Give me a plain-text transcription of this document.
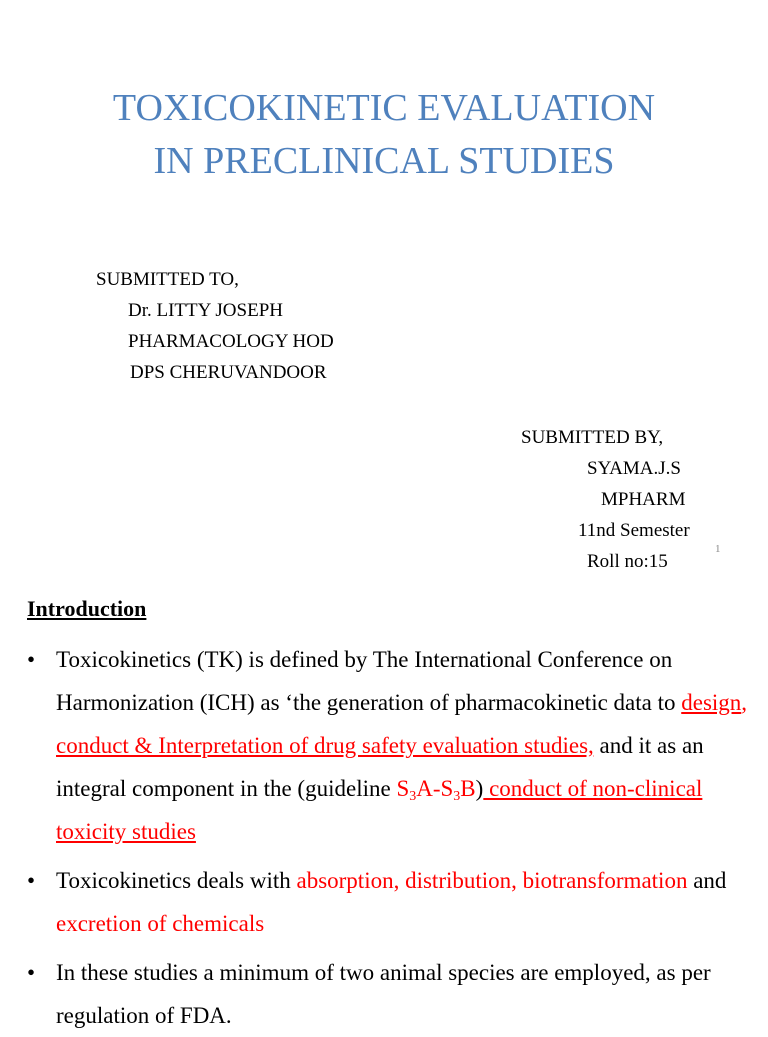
TOXICOKINETIC EVALUATION
IN PRECLINICAL STUDIES
SUBMITTED TO,
Dr. LITTY JOSEPH
PHARMACOLOGY HOD
DPS CHERUVANDOOR
SUBMITTED BY,
SYAMA.J.S
MPHARM
11nd Semester
Roll no:15
1
Introduction
• Toxicokinetics (TK) is defined by The International Conference on Harmonization (ICH) as ‘the generation of pharmacokinetic data to design, conduct & Interpretation of drug safety evaluation studies, and it as an integral component in the (guideline $S_3A-S_3B$) conduct of non-clinical toxicity studies
• Toxicokinetics deals with absorption, distribution, biotransformation and excretion of chemicals
• In these studies a minimum of two animal species are employed, as per regulation of FDA.
